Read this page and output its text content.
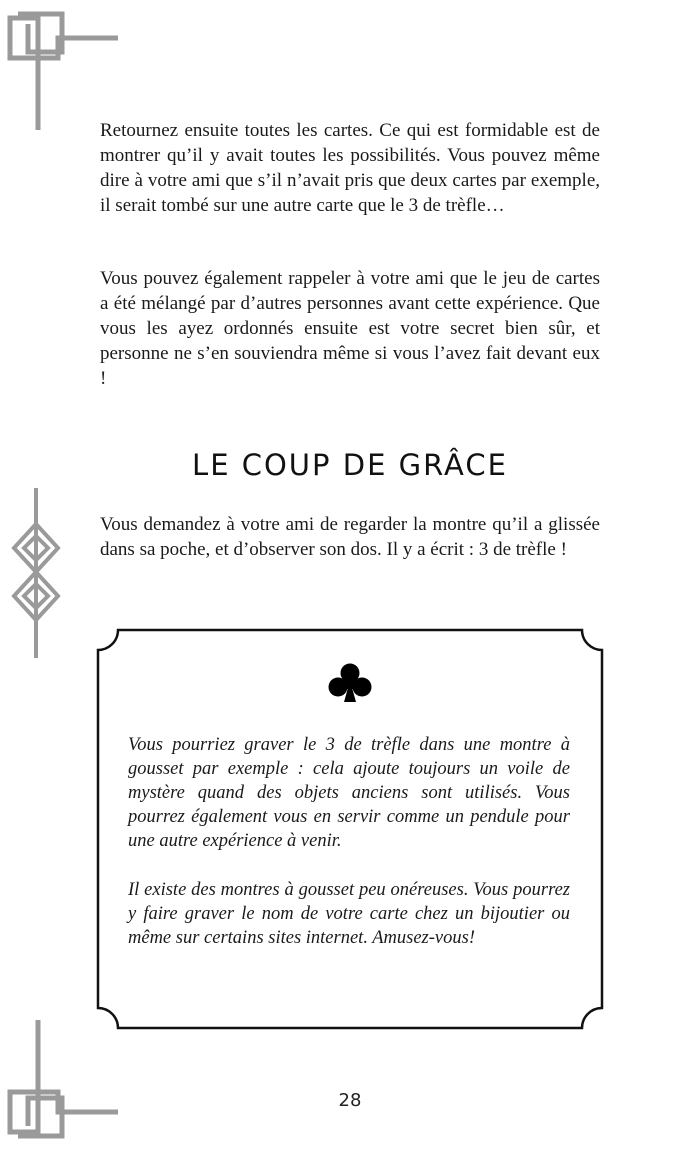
Retournez ensuite toutes les cartes. Ce qui est formidable est de montrer qu’il y avait toutes les possibilités. Vous pouvez même dire à votre ami que s’il n’avait pris que deux cartes par exemple, il serait tombé sur une autre carte que le 3 de trèfle…

Vous pouvez également rappeler à votre ami que le jeu de cartes a été mélangé par d’autres personnes avant cette expérience. Que vous les ayez ordonnés ensuite est votre secret bien sûr, et personne ne s’en souviendra même si vous l’avez fait devant eux !

LE COUP DE GRÂCE

Vous demandez à votre ami de regarder la montre qu’il a glissée dans sa poche, et d’observer son dos. Il y a écrit : 3 de trèfle !

Vous pourriez graver le 3 de trèfle dans une montre à gousset par exemple : cela ajoute toujours un voile de mystère quand des objets anciens sont utilisés. Vous pourrez également vous en servir comme un pendule pour une autre expérience à venir.

Il existe des montres à gousset peu onéreuses. Vous pourrez y faire graver le nom de votre carte chez un bijoutier ou même sur certains sites internet. Amusez-vous!

28
